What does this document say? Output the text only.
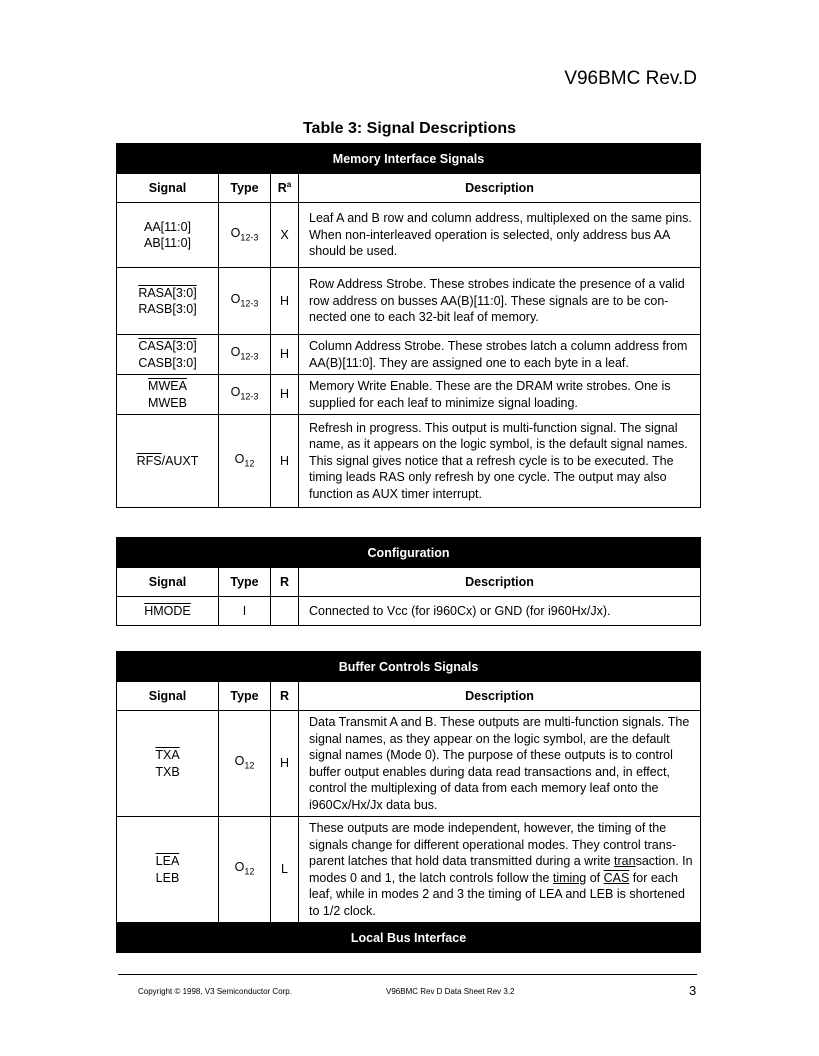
V96BMC Rev.D
Table 3: Signal Descriptions
Memory Interface Signals			
Signal	Type	$R^a$	Description
AA[11:0]
AB[11:0]	$O_{12-3}$	X	Leaf A and B row and column address, multiplexed on the same pins. When non-interleaved operation is selected, only address bus AA should be used.
RASA[3:0]
RASB[3:0]	$O_{12-3}$	H	Row Address Strobe. These strobes indicate the presence of a valid row address on busses AA(B)[11:0]. These signals are to be con-nected one to each 32-bit leaf of memory.
CASA[3:0]
CASB[3:0]	$O_{12-3}$	H	Column Address Strobe. These strobes latch a column address from AA(B)[11:0]. They are assigned one to each byte in a leaf.
MWEA
MWEB	$O_{12-3}$	H	Memory Write Enable. These are the DRAM write strobes. One is supplied for each leaf to minimize signal loading.
$\overline{RFS}$/AUXT	$O_{12}$	H	Refresh in progress. This output is multi-function signal. The signal name, as it appears on the logic symbol, is the default signal names. This signal gives notice that a refresh cycle is to be executed. The timing leads RAS only refresh by one cycle. The output may also function as AUX timer interrupt.
Configuration			
Signal	Type	R	Description
HMODE	I		Connected to Vcc (for i960Cx) or GND (for i960Hx/Jx).
Buffer Controls Signals			
Signal	Type	R	Description
$\overline{TXA}$
TXB	$O_{12}$	H	Data Transmit A and B. These outputs are multi-function signals. The signal names, as they appear on the logic symbol, are the default signal names (Mode 0). The purpose of these outputs is to control buffer output enables during data read transactions and, in effect, control the multiplexing of data from each memory leaf onto the i960Cx/Hx/Jx data bus.
$\overline{LEA}$
LEB	$O_{12}$	L	These outputs are mode independent, however, the timing of the signals change for different operational modes. They control trans-parent latches that hold data transmitted during a write transaction. In modes 0 and 1, the latch controls follow the timing of CAS for each leaf, while in modes 2 and 3 the timing of LEA and LEB is shortened to 1/2 clock.
Local Bus Interface			
Copyright © 1998, V3 Semiconductor Corp.	V96BMC Rev D Data Sheet Rev 3.2	3
